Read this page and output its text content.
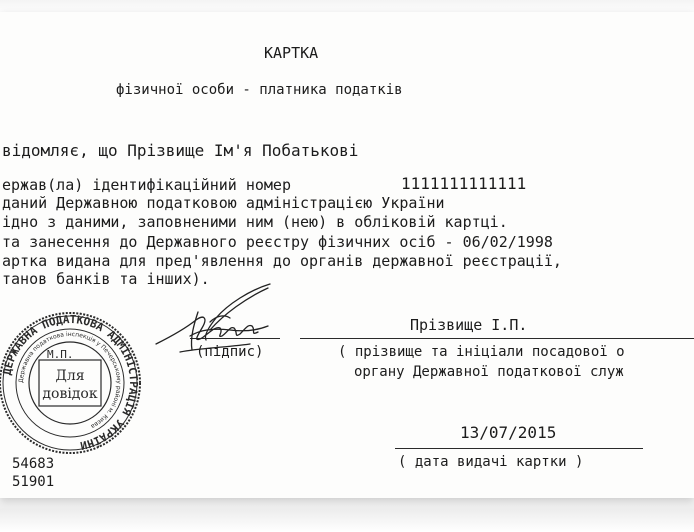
КАРТКА
фізичної особи - платника податків
відомляє, що Прізвище Ім'я Побатькові
ержав(ла) ідентифікаційний номер	1111111111111
даний Державною податковою адміністрацією України
ідно з даними, заповненими ним (нею) в обліковій картці.
та занесення до Державного реєстру фізичних осіб - 06/02/1998
артка видана для пред'явлення до органів державної реєстрації,
танов банків та інших).
Прізвище І.П.
(підпис)	( прізвище та ініціали посадової о
органу Державної податкової служ
13/07/2015
( дата видачі картки )
54683
51901
ДЕРЖАВНА ПОДАТКОВА АДМІНІСТРАЦІЯ УКРАЇНИ
Державна податкова інспекція у Печерському районі м. Києва
М.П.
Для
довідок
